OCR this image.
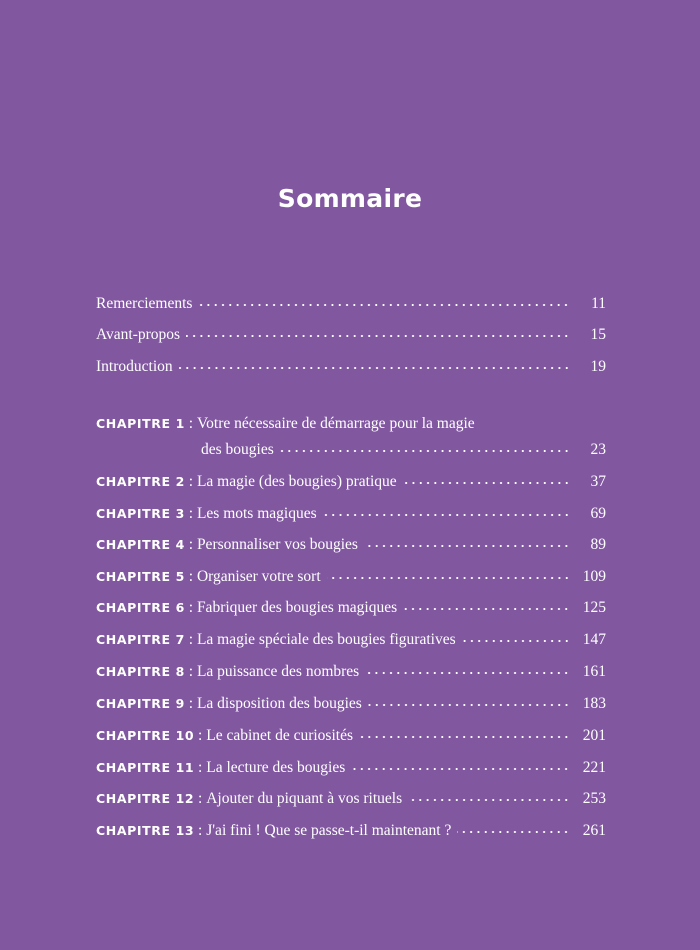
Sommaire
Remerciements	11
Avant-propos	15
Introduction	19
CHAPITRE 1 : Votre nécessaire de démarrage pour la magie
des bougies	23
CHAPITRE 2 : La magie (des bougies) pratique	37
CHAPITRE 3 : Les mots magiques	69
CHAPITRE 4 : Personnaliser vos bougies	89
CHAPITRE 5 : Organiser votre sort	109
CHAPITRE 6 : Fabriquer des bougies magiques	125
CHAPITRE 7 : La magie spéciale des bougies figuratives	147
CHAPITRE 8 : La puissance des nombres	161
CHAPITRE 9 : La disposition des bougies	183
CHAPITRE 10 : Le cabinet de curiosités	201
CHAPITRE 11 : La lecture des bougies	221
CHAPITRE 12 : Ajouter du piquant à vos rituels	253
CHAPITRE 13 : J'ai fini ! Que se passe-t-il maintenant ?	261
